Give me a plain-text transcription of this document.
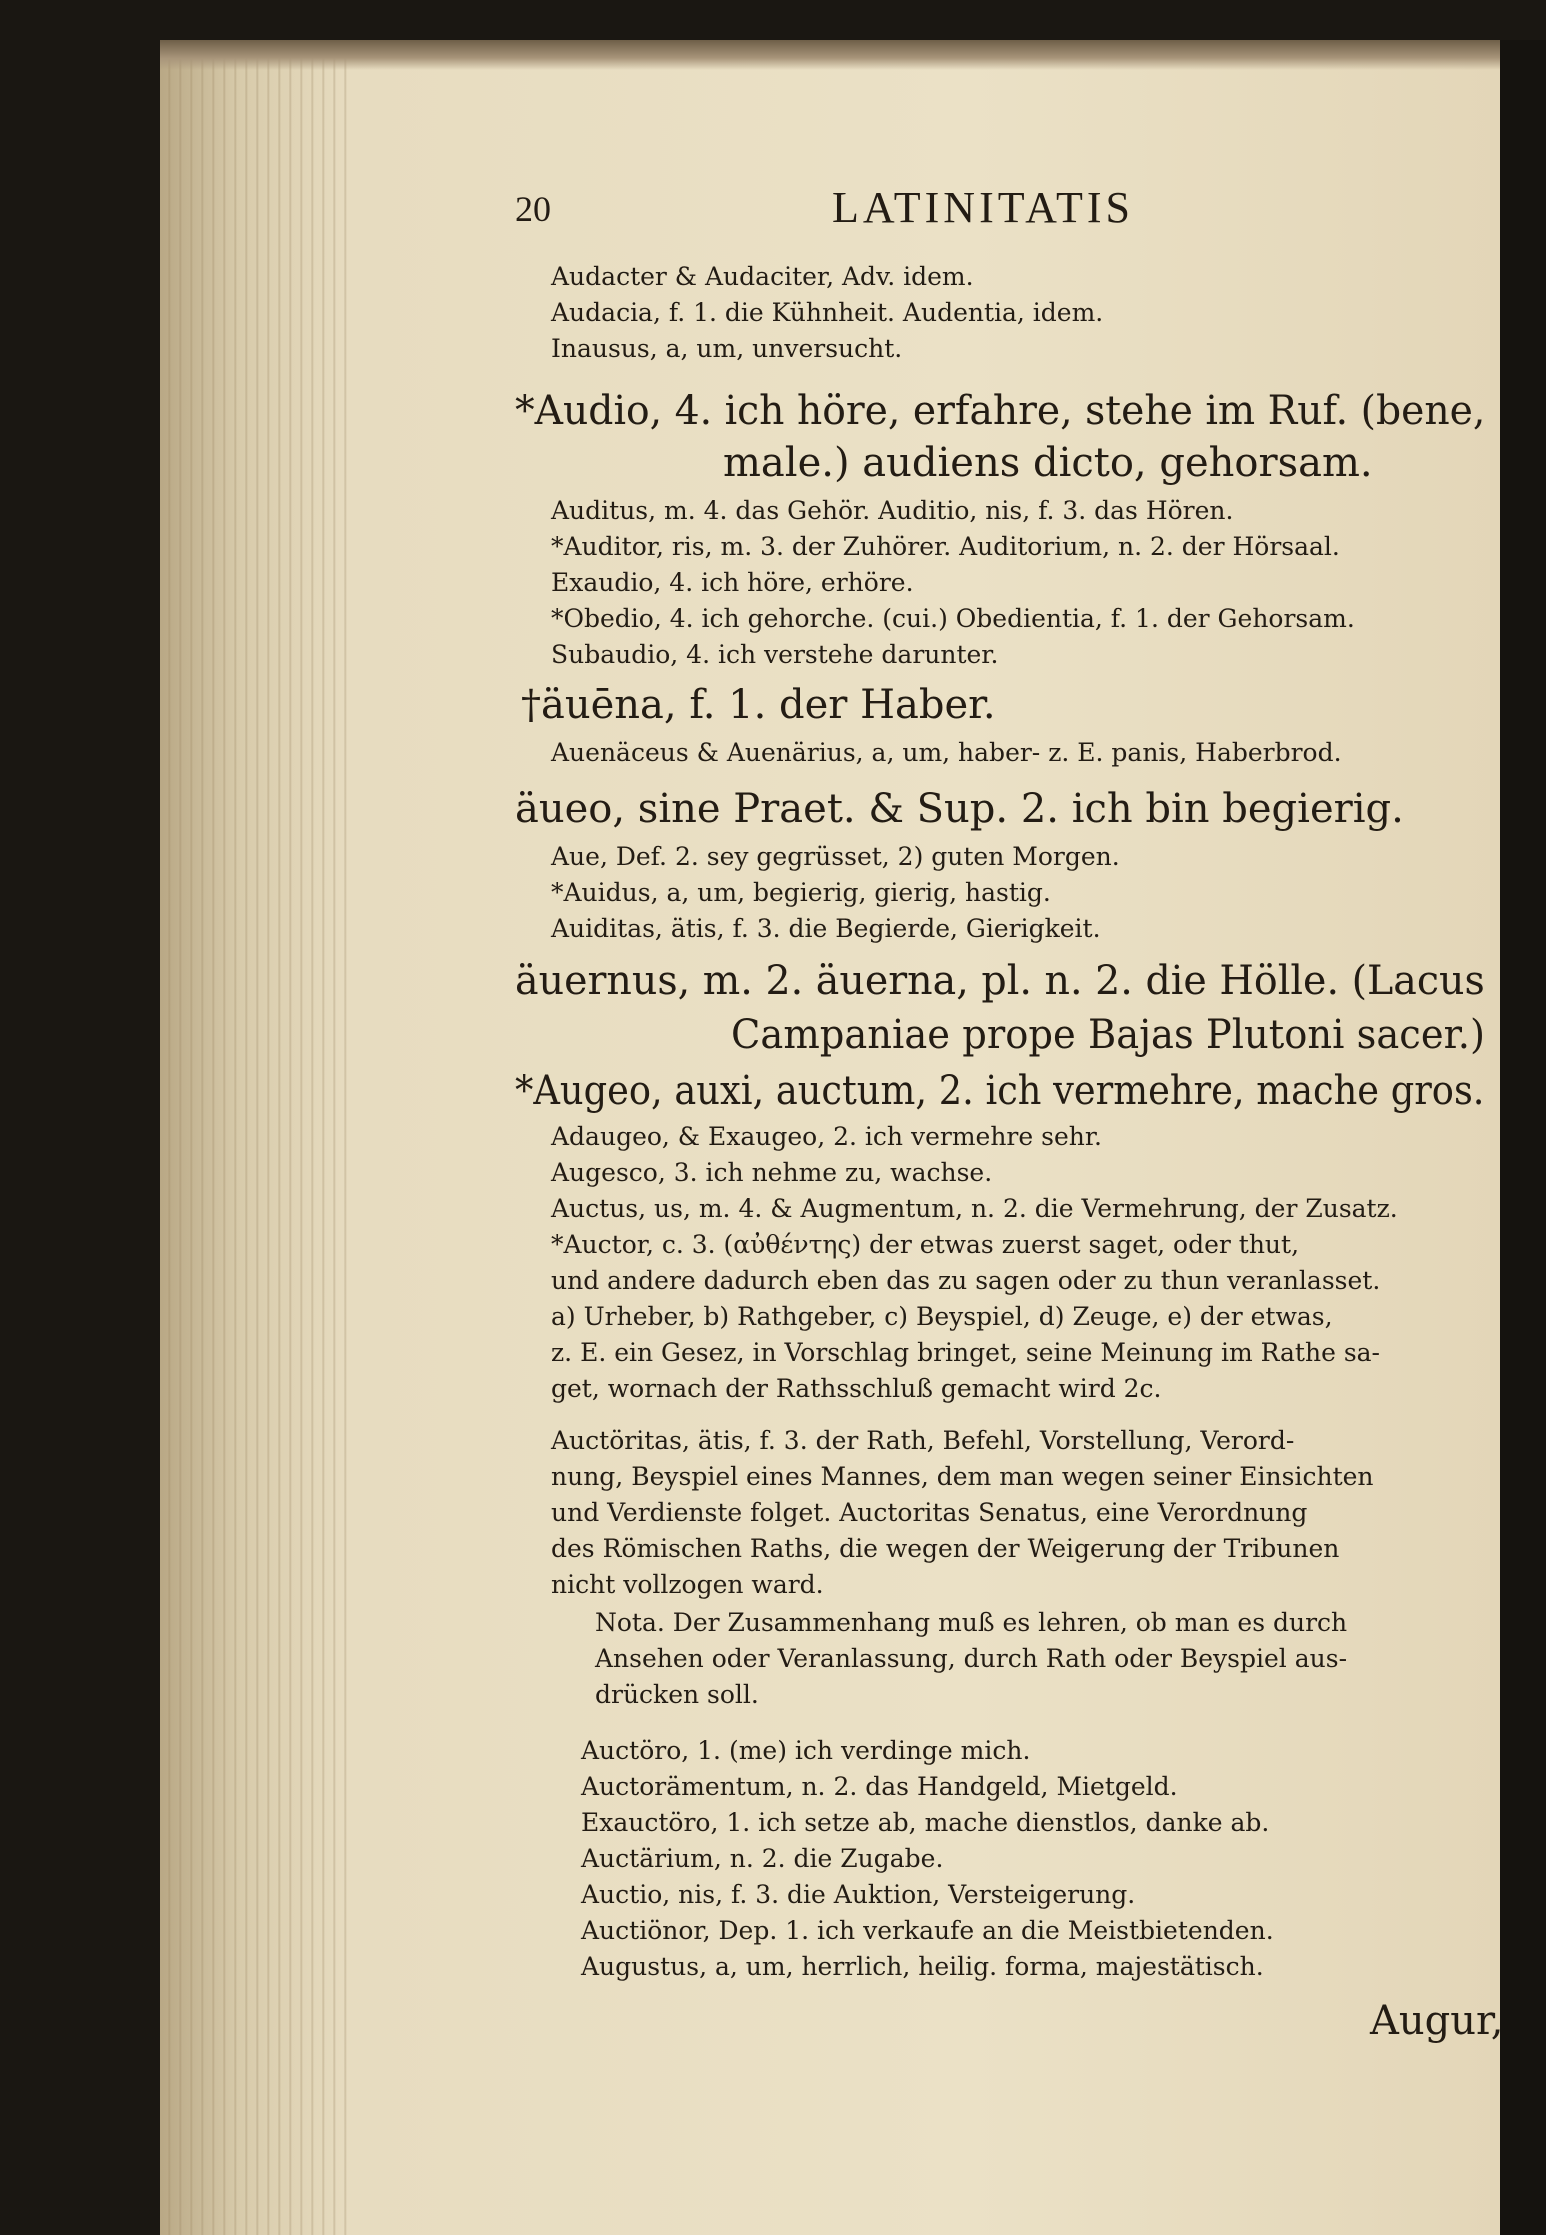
20	LATINITATIS
Audacter & Audaciter, Adv. idem.
Audacia, f. 1. die Kühnheit. Audentia, idem.
Inausus, a, um, unversucht.
*Audio, 4. ich höre, erfahre, stehe im Ruf. (bene,
male.) audiens dicto, gehorsam.
Auditus, m. 4. das Gehör. Auditio, nis, f. 3. das Hören.
*Auditor, ris, m. 3. der Zuhörer. Auditorium, n. 2. der Hörsaal.
Exaudio, 4. ich höre, erhöre.
*Obedio, 4. ich gehorche. (cui.) Obedientia, f. 1. der Gehorsam.
Subaudio, 4. ich verstehe darunter.
†äuēna, f. 1. der Haber.
Auenäceus & Auenärius, a, um, haber- z. E. panis, Haberbrod.
äueo, sine Praet. & Sup. 2. ich bin begierig.
Aue, Def. 2. sey gegrüsset, 2) guten Morgen.
*Auidus, a, um, begierig, gierig, hastig.
Auiditas, ätis, f. 3. die Begierde, Gierigkeit.
äuernus, m. 2. äuerna, pl. n. 2. die Hölle. (Lacus
Campaniae prope Bajas Plutoni sacer.)
*Augeo, auxi, auctum, 2. ich vermehre, mache gros.
Adaugeo, & Exaugeo, 2. ich vermehre sehr.
Augesco, 3. ich nehme zu, wachse.
Auctus, us, m. 4. & Augmentum, n. 2. die Vermehrung, der Zusatz.
*Auctor, c. 3. (αὐθέντης) der etwas zuerst saget, oder thut,
und andere dadurch eben das zu sagen oder zu thun veranlasset.
a) Urheber, b) Rathgeber, c) Beyspiel, d) Zeuge, e) der etwas,
z. E. ein Gesez, in Vorschlag bringet, seine Meinung im Rathe sa-
get, wornach der Rathsschluß gemacht wird 2c.
Auctöritas, ätis, f. 3. der Rath, Befehl, Vorstellung, Verord-
nung, Beyspiel eines Mannes, dem man wegen seiner Einsichten
und Verdienste folget. Auctoritas Senatus, eine Verordnung
des Römischen Raths, die wegen der Weigerung der Tribunen
nicht vollzogen ward.
Nota. Der Zusammenhang muß es lehren, ob man es durch
Ansehen oder Veranlassung, durch Rath oder Beyspiel aus-
drücken soll.
Auctöro, 1. (me) ich verdinge mich.
Auctorämentum, n. 2. das Handgeld, Mietgeld.
Exauctöro, 1. ich setze ab, mache dienstlos, danke ab.
Auctärium, n. 2. die Zugabe.
Auctio, nis, f. 3. die Auktion, Versteigerung.
Auctiönor, Dep. 1. ich verkaufe an die Meistbietenden.
Augustus, a, um, herrlich, heilig. forma, majestätisch.
Augur,
